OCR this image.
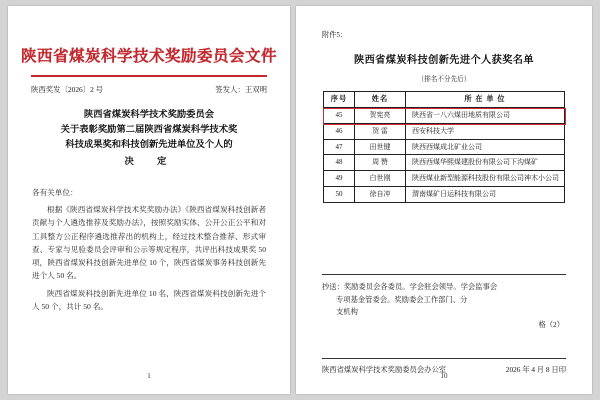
陕西省煤炭科学技术奖励委员会文件
陕西奖发〔2026〕2 号	签发人：王双明
陕西省煤炭科学技术奖励委员会
关于表彰奖励第二届陕西省煤炭科学技术奖
科技成果奖和科技创新先进单位及个人的
决　定

各有关单位：

根据《陕西省煤炭科学技术奖奖励办法》《陕西省煤炭科技创新者贡献与个人遴选推荐及奖励办法》，按照奖励实体、公开公正公平和对工具整方公正程序遴选推荐出的机构上，经过技术整合推荐、形式审查、专家与见验委员会评审和公示等规定程序，共评出科技成果奖 50 项，陕西省煤炭科技创新先进单位 10 个，陕西省煤炭事务科技创新先进个人 50 名。

陕西省煤炭科技创新先进单位 10 名，陕西省煤炭科技创新先进个人 50 个，共计 50 名。

1
附件5：
陕西省煤炭科技创新先进个人获奖名单
（排名不分先后）
序号	姓名	所 在 单 位
45	贺宪亮	陕西省一八六煤田地质有限公司
46	贺 雷	西安科技大学
47	田世键	陕西西煤成北矿业公司
48	周 赞	陕西西煤华熙煤建股份有限公司下沟煤矿
49	白世刚	陕西煤业新型能源科技股份有限公司神木小公司
50	徐自冲	渭南煤矿日运科技有限公司
抄送：奖励委员会各委员。学会驻会领导。学会监事会
专项基金管委会。奖励委会工作部门、分
支机构
格（2）
陕西省煤炭科学技术奖励委员会办公室	2026 年 4 月 8 日印
10
